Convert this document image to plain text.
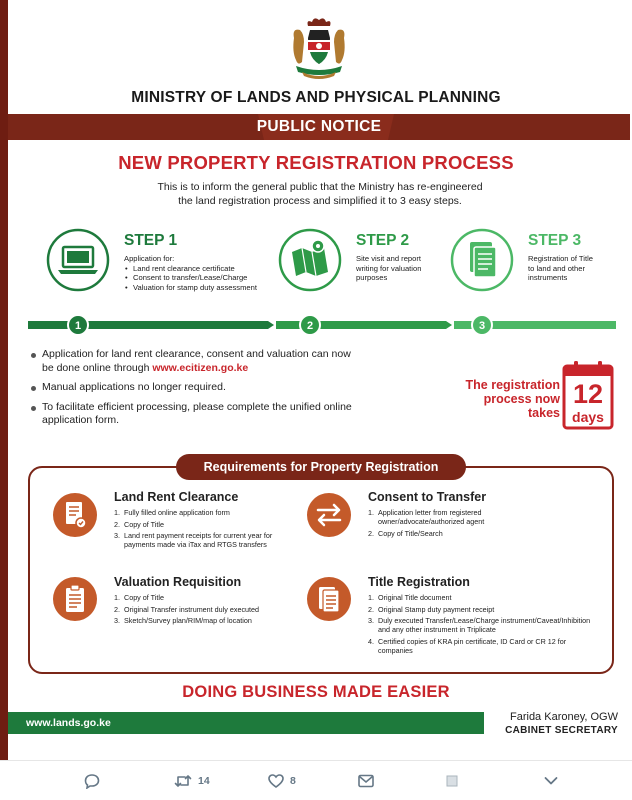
MINISTRY OF LANDS AND PHYSICAL PLANNING
PUBLIC NOTICE
NEW PROPERTY REGISTRATION PROCESS
This is to inform the general public that the Ministry has re-engineered
the land registration process and simplified it to 3 easy steps.
STEP 1
Application for:
• Land rent clearance certificate
• Consent to transfer/Lease/Charge
• Valuation for stamp duty assessment
STEP 2
Site visit and report
writing for valuation
purposes
STEP 3
Registration of Title
to land and other
instruments
1	2	3
Application for land rent clearance, consent and valuation can now
be done online through www.ecitizen.go.ke
Manual applications no longer required.
To facilitate efficient processing, please complete the unified online
application form.
The registration
process now
takes
12
days
Requirements for Property Registration
Land Rent Clearance
1. Fully filled online application form
2. Copy of Title
3. Land rent payment receipts for current year for payments made via iTax and RTGS transfers
Consent to Transfer
1. Application letter from registered owner/advocate/authorized agent
2. Copy of Title/Search
Valuation Requisition
1. Copy of Title
2. Original Transfer instrument duly executed
3. Sketch/Survey plan/RIM/map of location
Title Registration
1. Original Title document
2. Original Stamp duty payment receipt
3. Duly executed Transfer/Lease/Charge instrument/Caveat/Inhibition and any other instrument in Triplicate
4. Certified copies of KRA pin certificate, ID Card or CR 12 for companies
DOING BUSINESS MADE EASIER
www.lands.go.ke	Farida Karoney, OGW
CABINET SECRETARY
14	8
